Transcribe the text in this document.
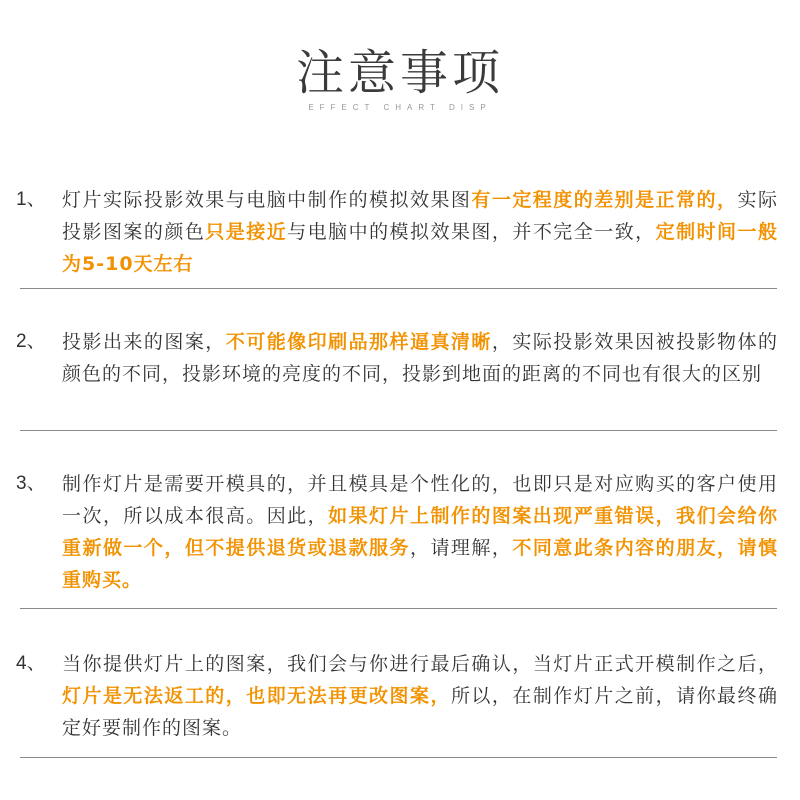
注意事项
EFFECT CHART DISP
1、 灯片实际投影效果与电脑中制作的模拟效果图有一定程度的差别是正常的，实际投影图案的颜色只是接近与电脑中的模拟效果图，并不完全一致，定制时间一般为5-10天左右
2、 投影出来的图案，不可能像印刷品那样逼真清晰，实际投影效果因被投影物体的颜色的不同，投影环境的亮度的不同，投影到地面的距离的不同也有很大的区别
3、 制作灯片是需要开模具的，并且模具是个性化的，也即只是对应购买的客户使用一次，所以成本很高。因此，如果灯片上制作的图案出现严重错误，我们会给你重新做一个，但不提供退货或退款服务，请理解，不同意此条内容的朋友，请慎重购买。
4、 当你提供灯片上的图案，我们会与你进行最后确认，当灯片正式开模制作之后，灯片是无法返工的，也即无法再更改图案，所以，在制作灯片之前，请你最终确定好要制作的图案。
